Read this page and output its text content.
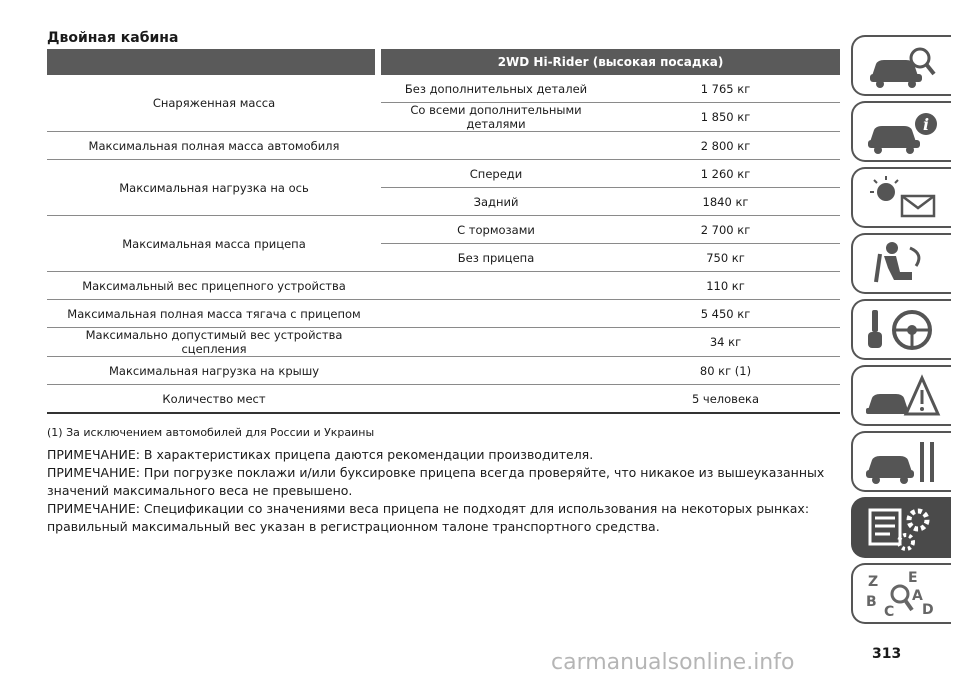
Двойная кабина
		2WD Hi-Rider (высокая посадка)	
Снаряженная масса		Без дополнительных деталей	1 765 кг
		Со всеми дополнительными деталями	1 850 кг
Максимальная полная масса автомобиля			2 800 кг
Максимальная нагрузка на ось		Спереди	1 260 кг
		Задний	1840 кг
Максимальная масса прицепа		С тормозами	2 700 кг
		Без прицепа	750 кг
Максимальный вес прицепного устройства			110 кг
Максимальная полная масса тягача с прицепом			5 450 кг
Максимально допустимый вес устройства сцепления			34 кг
Максимальная нагрузка на крышу			80 кг (1)
Количество мест			5 человека

(1) За исключением автомобилей для России и Украины

ПРИМЕЧАНИЕ: В характеристиках прицепа даются рекомендации производителя.

ПРИМЕЧАНИЕ: При погрузке поклажи и/или буксировке прицепа всегда проверяйте, что никакое из вышеуказанных значений максимального веса не превышено.

ПРИМЕЧАНИЕ: Спецификации со значениями веса прицепа не подходят для использования на некоторых рынках: правильный максимальный вес указан в регистрационном талоне транспортного средства.

i
Z E
A
B
C D
313
carmanualsonline.info
